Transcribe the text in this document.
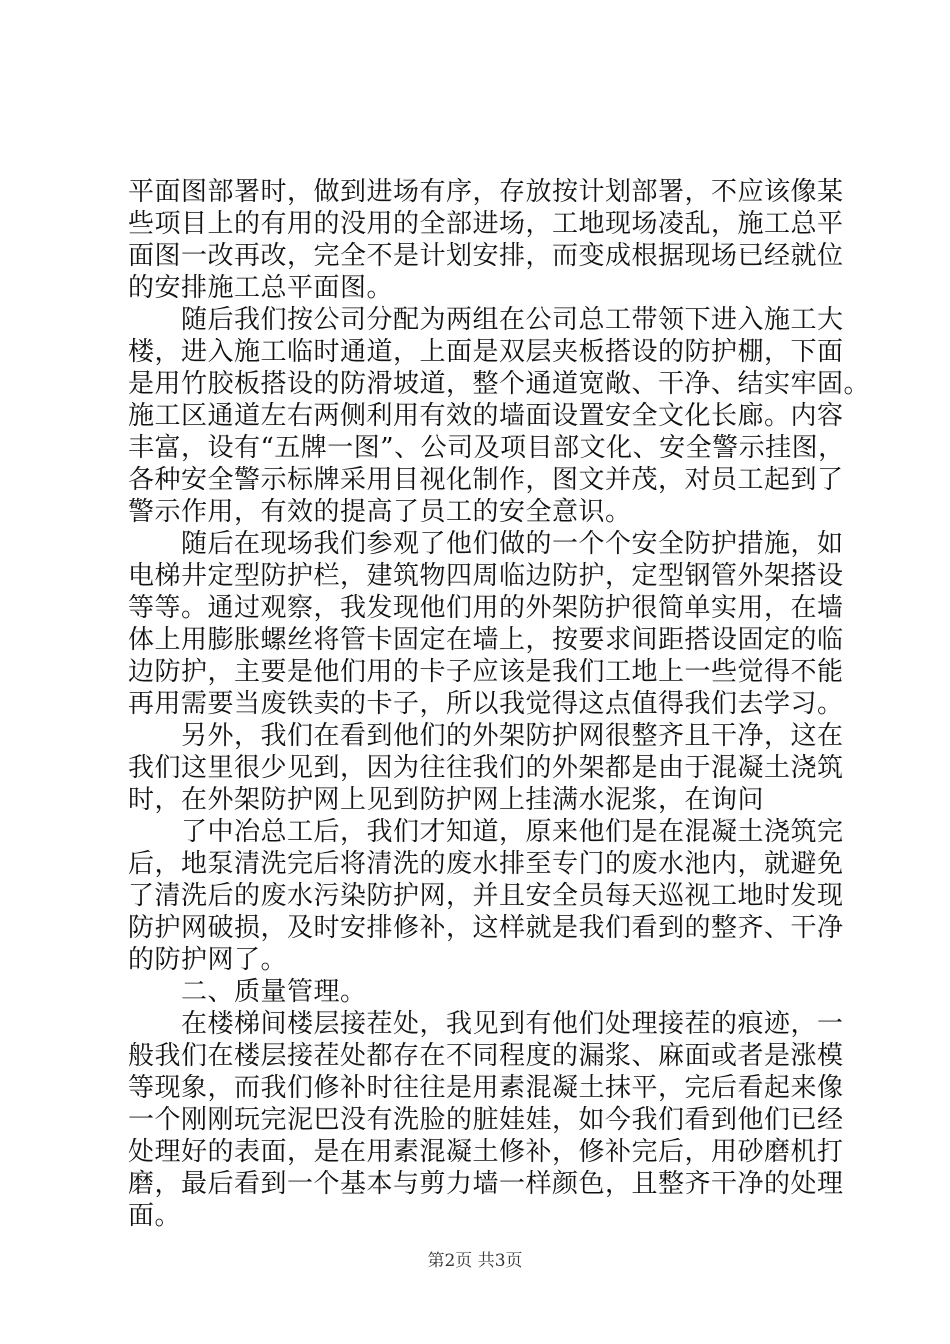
平面图部署时，做到进场有序，存放按计划部署，不应该像某
些项目上的有用的没用的全部进场，工地现场凌乱，施工总平
面图一改再改，完全不是计划安排，而变成根据现场已经就位
的安排施工总平面图。
随后我们按公司分配为两组在公司总工带领下进入施工大
楼，进入施工临时通道，上面是双层夹板搭设的防护棚，下面
是用竹胶板搭设的防滑坡道，整个通道宽敞、干净、结实牢固。
施工区通道左右两侧利用有效的墙面设置安全文化长廊。内容
丰富，设有“五牌一图”、公司及项目部文化、安全警示挂图，
各种安全警示标牌采用目视化制作，图文并茂，对员工起到了
警示作用，有效的提高了员工的安全意识。
随后在现场我们参观了他们做的一个个安全防护措施，如
电梯井定型防护栏，建筑物四周临边防护，定型钢管外架搭设
等等。通过观察，我发现他们用的外架防护很简单实用，在墙
体上用膨胀螺丝将管卡固定在墙上，按要求间距搭设固定的临
边防护，主要是他们用的卡子应该是我们工地上一些觉得不能
再用需要当废铁卖的卡子，所以我觉得这点值得我们去学习。
另外，我们在看到他们的外架防护网很整齐且干净，这在
我们这里很少见到，因为往往我们的外架都是由于混凝土浇筑
时，在外架防护网上见到防护网上挂满水泥浆，在询问
了中冶总工后，我们才知道，原来他们是在混凝土浇筑完
后，地泵清洗完后将清洗的废水排至专门的废水池内，就避免
了清洗后的废水污染防护网，并且安全员每天巡视工地时发现
防护网破损，及时安排修补，这样就是我们看到的整齐、干净
的防护网了。
二、质量管理。
在楼梯间楼层接茬处，我见到有他们处理接茬的痕迹，一
般我们在楼层接茬处都存在不同程度的漏浆、麻面或者是涨模
等现象，而我们修补时往往是用素混凝土抹平，完后看起来像
一个刚刚玩完泥巴没有洗脸的脏娃娃，如今我们看到他们已经
处理好的表面，是在用素混凝土修补，修补完后，用砂磨机打
磨，最后看到一个基本与剪力墙一样颜色，且整齐干净的处理
面。
第2页 共3页
